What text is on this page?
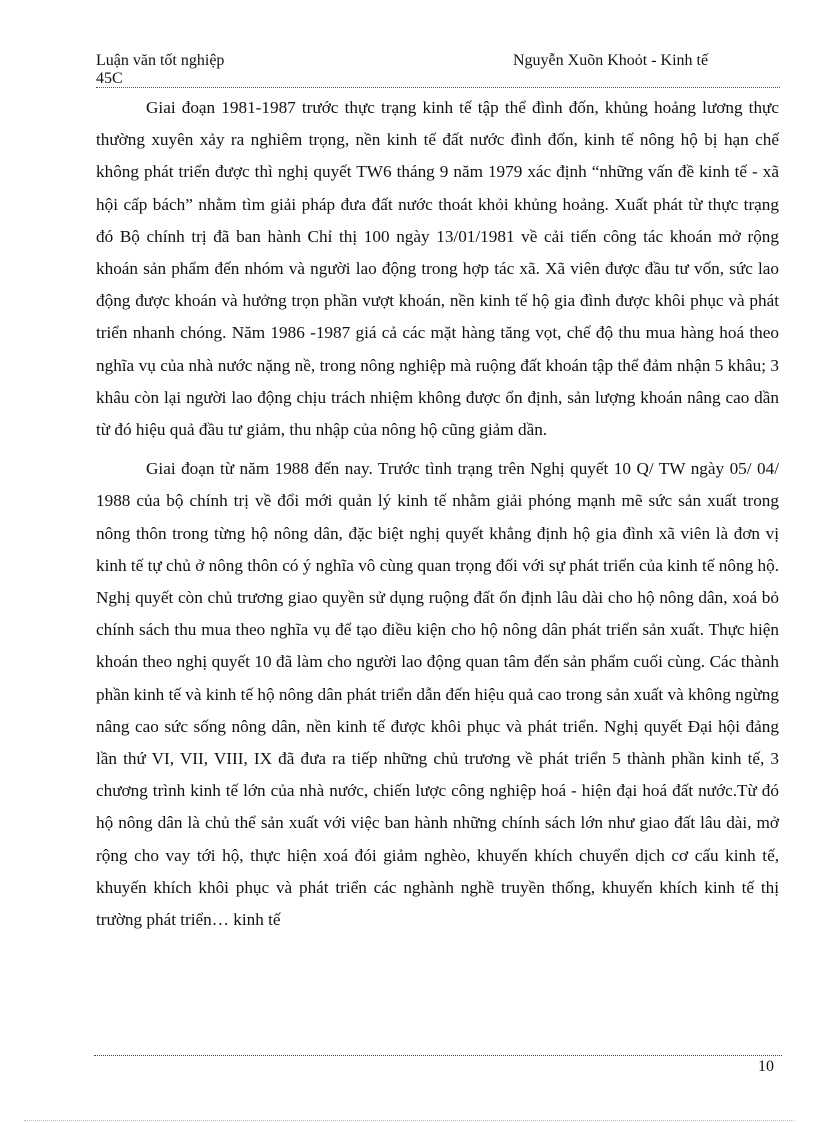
Luận văn tốt nghiệp
45C
Nguyễn Xuõn Khoỏt - Kinh tế

Giai đoạn 1981-1987 trước thực trạng kinh tế tập thể đình đốn, khủng hoảng lương thực thường xuyên xảy ra nghiêm trọng, nền kinh tế đất nước đình đốn, kinh tế nông hộ bị hạn chế không phát triển được thì nghị quyết TW6 tháng 9 năm 1979 xác định “những vấn đề kinh tế - xã hội cấp bách” nhằm tìm giải pháp đưa đất nước thoát khỏi khủng hoảng. Xuất phát từ thực trạng đó Bộ chính trị đã ban hành Chỉ thị 100 ngày 13/01/1981 về cải tiến công tác khoán mở rộng khoán sản phẩm đến nhóm và người lao động trong hợp tác xã. Xã viên được đầu tư vốn, sức lao động được khoán và hưởng trọn phần vượt khoán, nền kinh tế hộ gia đình được khôi phục và phát triển nhanh chóng. Năm 1986 -1987 giá cả các mặt hàng tăng vọt, chế độ thu mua hàng hoá theo nghĩa vụ của nhà nước nặng nề, trong nông nghiệp mà ruộng đất khoán tập thể đảm nhận 5 khâu; 3 khâu còn lại người lao động chịu trách nhiệm không được ổn định, sản lượng khoán nâng cao dần từ đó hiệu quả đầu tư giảm, thu nhập của nông hộ cũng giảm dần.

Giai đoạn từ năm 1988 đến nay. Trước tình trạng trên Nghị quyết 10 Q/ TW ngày 05/ 04/ 1988 của bộ chính trị về đổi mới quản lý kinh tế nhằm giải phóng mạnh mẽ sức sản xuất trong nông thôn trong từng hộ nông dân, đặc biệt nghị quyết khẳng định hộ gia đình xã viên là đơn vị kinh tế tự chủ ở nông thôn có ý nghĩa vô cùng quan trọng đối với sự phát triển của kinh tế nông hộ. Nghị quyết còn chủ trương giao quyền sử dụng ruộng đất ổn định lâu dài cho hộ nông dân, xoá bỏ chính sách thu mua theo nghĩa vụ để tạo điều kiện cho hộ nông dân phát triển sản xuất. Thực hiện khoán theo nghị quyết 10 đã làm cho người lao động quan tâm đến sản phẩm cuối cùng. Các thành phần kinh tế và kinh tế hộ nông dân phát triển dẫn đến hiệu quả cao trong sản xuất và không ngừng nâng cao sức sống nông dân, nền kinh tế được khôi phục và phát triển. Nghị quyết Đại hội đảng lần thứ VI, VII, VIII, IX đã đưa ra tiếp những chủ trương về phát triển 5 thành phần kinh tế, 3 chương trình kinh tế lớn của nhà nước, chiến lược công nghiệp hoá - hiện đại hoá đất nước.Từ đó hộ nông dân là chủ thể sản xuất với việc ban hành những chính sách lớn như giao đất lâu dài, mở rộng cho vay tới hộ, thực hiện xoá đói giảm nghèo, khuyến khích chuyển dịch cơ cấu kinh tế, khuyến khích khôi phục và phát triển các nghành nghề truyền thống, khuyến khích kinh tế thị trường phát triển… kinh tế

10
